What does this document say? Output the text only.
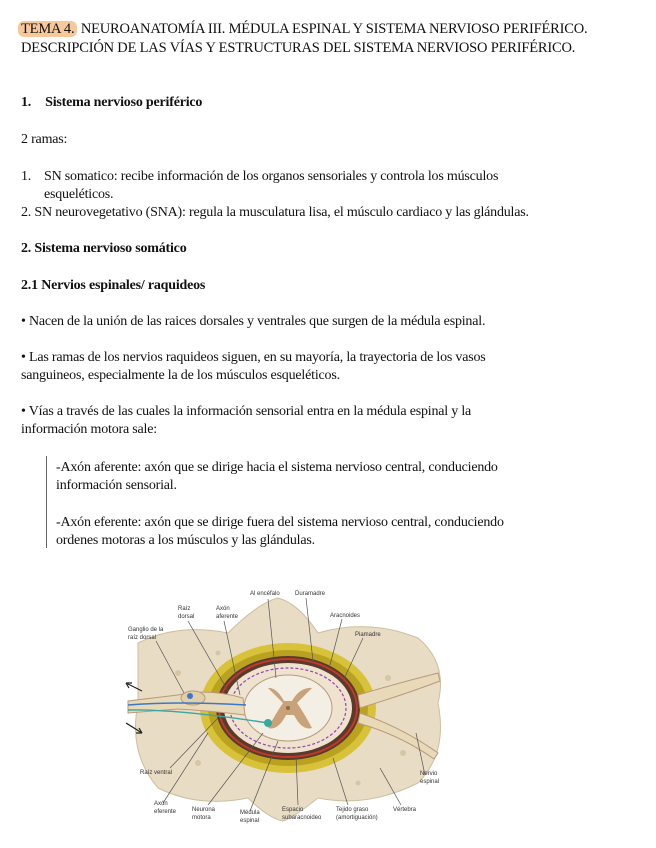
TEMA 4. NEUROANATOMÍA III. MÉDULA ESPINAL Y SISTEMA NERVIOSO PERIFÉRICO. DESCRIPCIÓN DE LAS VÍAS Y ESTRUCTURAS DEL SISTEMA NERVIOSO PERIFÉRICO.
1. Sistema nervioso periférico
2 ramas:
1. SN somatico: recibe información de los organos sensoriales y controla los músculos
esqueléticos.
2. SN neurovegetativo (SNA): regula la musculatura lisa, el músculo cardiaco y las glándulas.
2. Sistema nervioso somático
2.1 Nervios espinales/ raquideos
• Nacen de la unión de las raices dorsales y ventrales que surgen de la médula espinal.
• Las ramas de los nervios raquideos siguen, en su mayoría, la trayectoria de los vasos
sanguineos, especialmente la de los músculos esqueléticos.
• Vías a través de las cuales la información sensorial entra en la médula espinal y la
información motora sale:
-Axón aferente: axón que se dirige hacia el sistema nervioso central, conduciendo
información sensorial.
-Axón eferente: axón que se dirige fuera del sistema nervioso central, conduciendo
ordenes motoras a los músculos y las glándulas.
Al encéfalo	Duramadre
Raíz
dorsal
Axón
aferente
Ganglio de la
raíz dorsal
Aracnoides
Piamadre
Raíz ventral	Nervio
espinal
Axón
eferente	Neurona
motora
Médula
espinal
Espacio
subaracnoideo
Tejido graso
(amortiguación)
Vértebra
